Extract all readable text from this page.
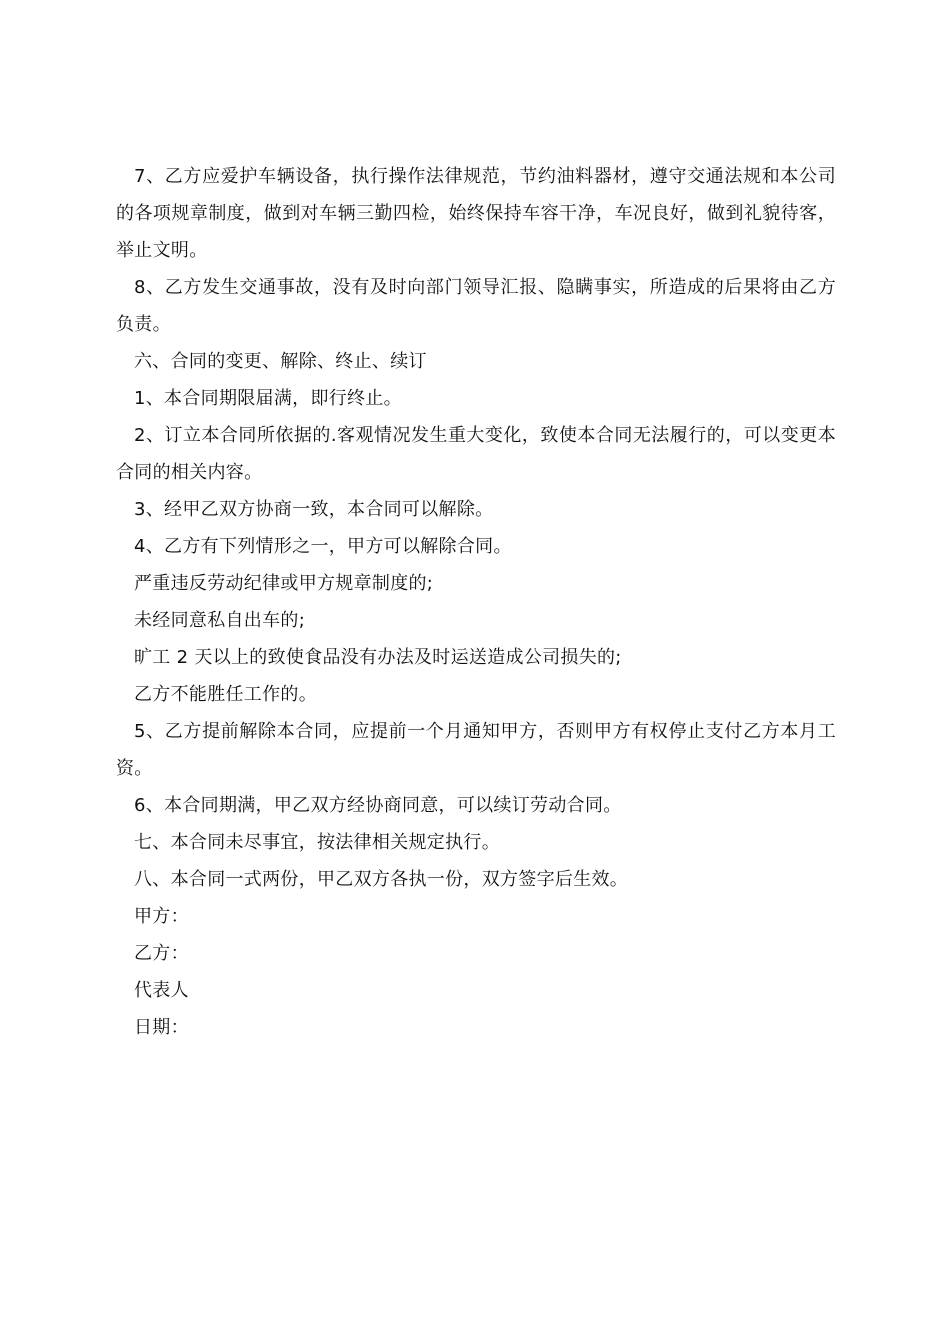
7、乙方应爱护车辆设备，执行操作法律规范，节约油料器材，遵守交通法规和本公司的各项规章制度，做到对车辆三勤四检，始终保持车容干净，车况良好，做到礼貌待客，举止文明。

8、乙方发生交通事故，没有及时向部门领导汇报、隐瞒事实，所造成的后果将由乙方负责。

六、合同的变更、解除、终止、续订

1、本合同期限届满，即行终止。

2、订立本合同所依据的.客观情况发生重大变化，致使本合同无法履行的，可以变更本合同的相关内容。

3、经甲乙双方协商一致，本合同可以解除。

4、乙方有下列情形之一，甲方可以解除合同。

严重违反劳动纪律或甲方规章制度的;

未经同意私自出车的;

旷工 2 天以上的致使食品没有办法及时运送造成公司损失的;

乙方不能胜任工作的。

5、乙方提前解除本合同，应提前一个月通知甲方，否则甲方有权停止支付乙方本月工资。

6、本合同期满，甲乙双方经协商同意，可以续订劳动合同。

七、本合同未尽事宜，按法律相关规定执行。

八、本合同一式两份，甲乙双方各执一份，双方签字后生效。

甲方：

乙方：

代表人

日期：
